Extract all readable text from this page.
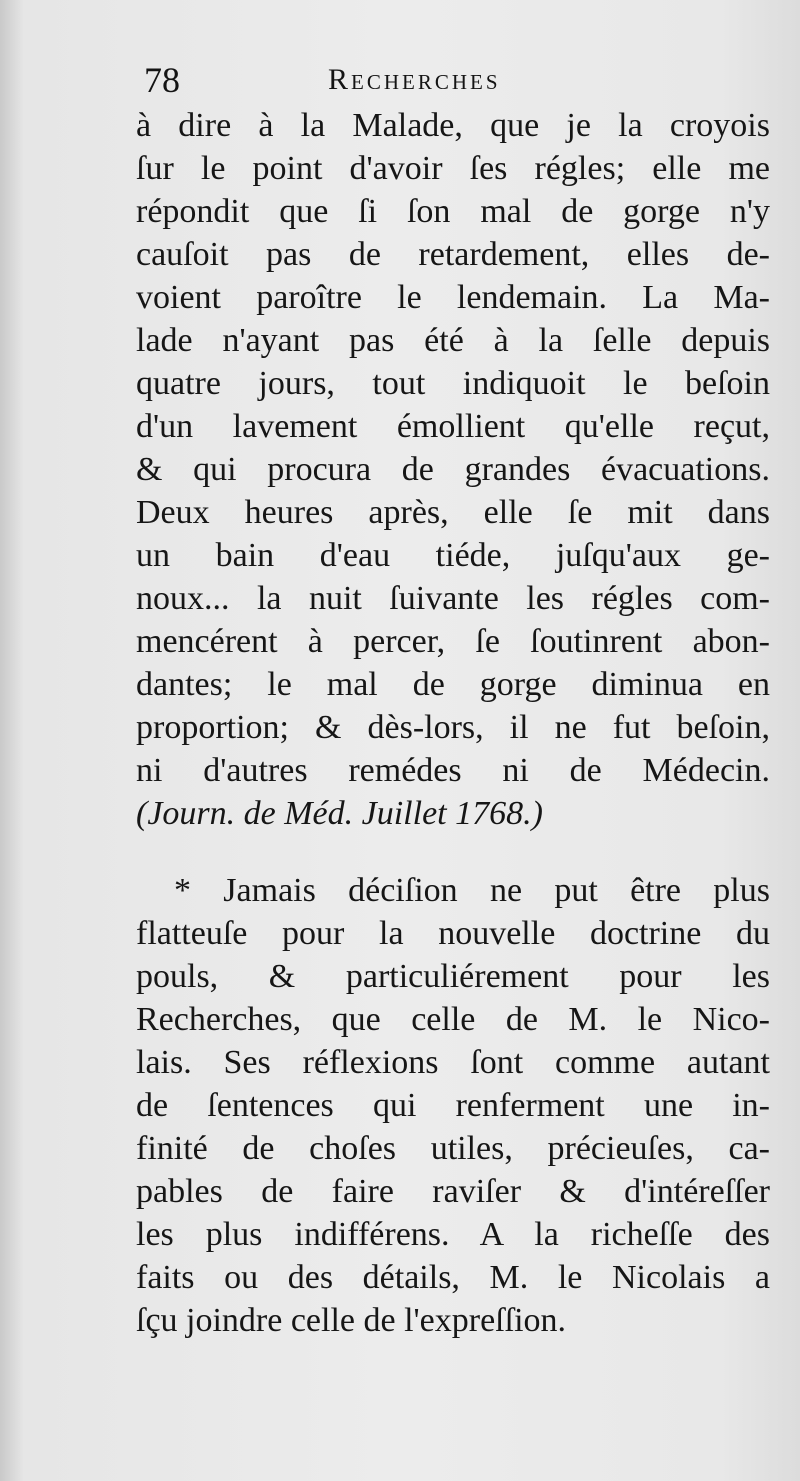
78	Recherches
à dire à la Malade, que je la croyois
ſur le point d'avoir ſes régles; elle me
répondit que ſi ſon mal de gorge n'y
cauſoit pas de retardement, elles de-
voient paroître le lendemain. La Ma-
lade n'ayant pas été à la ſelle depuis
quatre jours, tout indiquoit le beſoin
d'un lavement émollient qu'elle reçut,
& qui procura de grandes évacuations.
Deux heures après, elle ſe mit dans
un bain d'eau tiéde, juſqu'aux ge-
noux... la nuit ſuivante les régles com-
mencérent à percer, ſe ſoutinrent abon-
dantes; le mal de gorge diminua en
proportion; & dès-lors, il ne fut beſoin,
ni d'autres remédes ni de Médecin.
(Journ. de Méd. Juillet 1768.)
* Jamais déciſion ne put être plus
flatteuſe pour la nouvelle doctrine du
pouls, & particuliérement pour les
Recherches, que celle de M. le Nico-
lais. Ses réflexions ſont comme autant
de ſentences qui renferment une in-
finité de choſes utiles, précieuſes, ca-
pables de faire raviſer & d'intéreſſer
les plus indifférens. A la richeſſe des
faits ou des détails, M. le Nicolais a
ſçu joindre celle de l'expreſſion.
